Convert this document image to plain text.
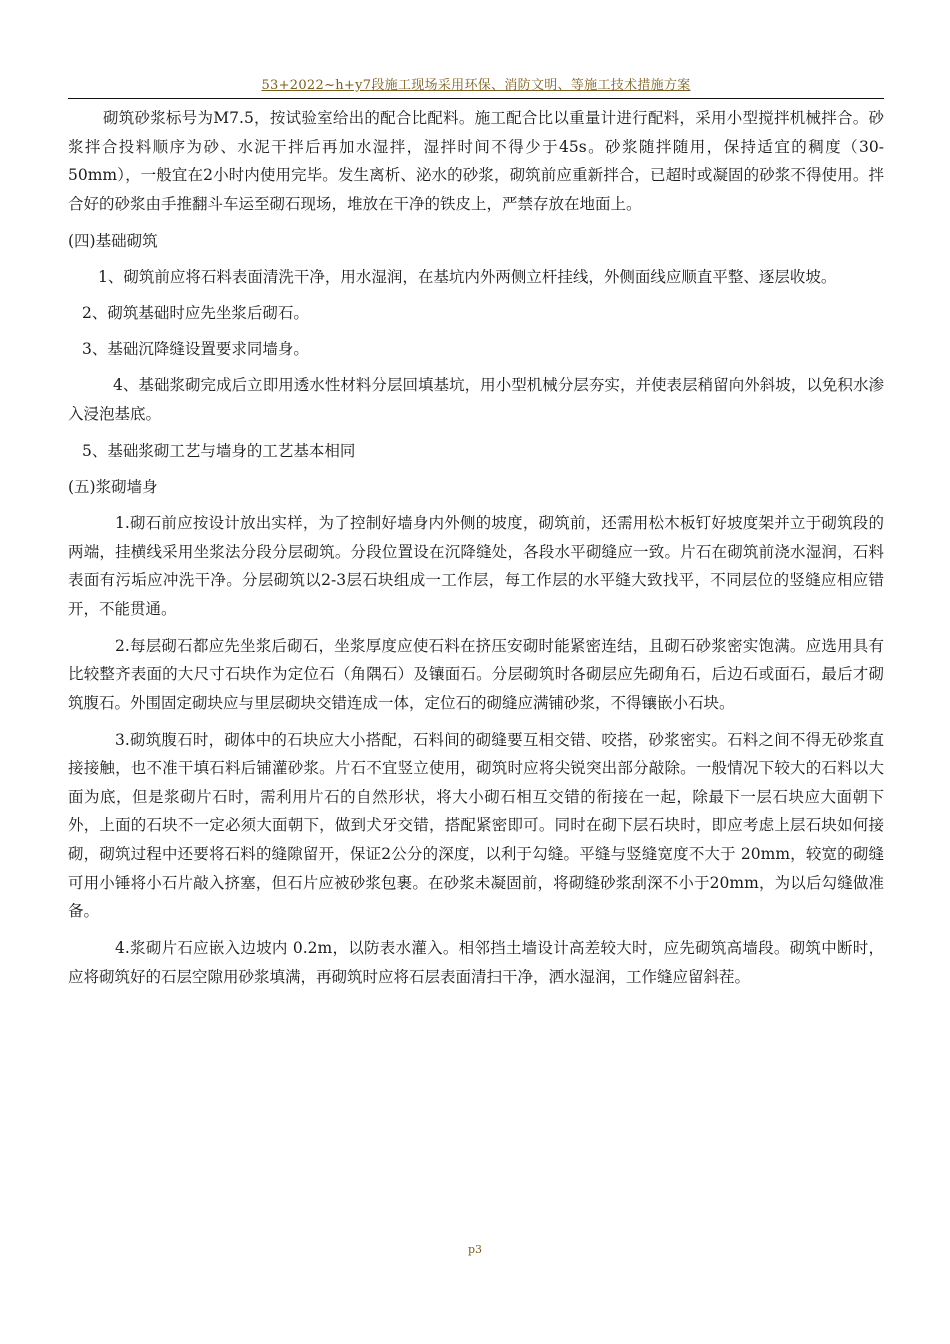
53+2022~h+y7段施工现场采用环保、消防文明、等施工技术措施方案

砌筑砂浆标号为M7.5，按试验室给出的配合比配料。施工配合比以重量计进行配料，采用小型搅拌机械拌合。砂浆拌合投料顺序为砂、水泥干拌后再加水湿拌，湿拌时间不得少于45s。砂浆随拌随用，保持适宜的稠度（30-50mm），一般宜在2小时内使用完毕。发生离析、泌水的砂浆，砌筑前应重新拌合，已超时或凝固的砂浆不得使用。拌合好的砂浆由手推翻斗车运至砌石现场，堆放在干净的铁皮上，严禁存放在地面上。

(四)基础砌筑

1、砌筑前应将石料表面清洗干净，用水湿润，在基坑内外两侧立杆挂线，外侧面线应顺直平整、逐层收坡。

2、砌筑基础时应先坐浆后砌石。

3、基础沉降缝设置要求同墙身。

4、基础浆砌完成后立即用透水性材料分层回填基坑，用小型机械分层夯实，并使表层稍留向外斜坡，以免积水渗入浸泡基底。

5、基础浆砌工艺与墙身的工艺基本相同

(五)浆砌墙身

1.砌石前应按设计放出实样，为了控制好墙身内外侧的坡度，砌筑前，还需用松木板钉好坡度架并立于砌筑段的两端，挂横线采用坐浆法分段分层砌筑。分段位置设在沉降缝处，各段水平砌缝应一致。片石在砌筑前浇水湿润，石料表面有污垢应冲洗干净。分层砌筑以2-3层石块组成一工作层，每工作层的水平缝大致找平，不同层位的竖缝应相应错开，不能贯通。

2.每层砌石都应先坐浆后砌石，坐浆厚度应使石料在挤压安砌时能紧密连结，且砌石砂浆密实饱满。应选用具有比较整齐表面的大尺寸石块作为定位石（角隅石）及镶面石。分层砌筑时各砌层应先砌角石，后边石或面石，最后才砌筑腹石。外围固定砌块应与里层砌块交错连成一体，定位石的砌缝应满铺砂浆，不得镶嵌小石块。

3.砌筑腹石时，砌体中的石块应大小搭配，石料间的砌缝要互相交错、咬搭，砂浆密实。石料之间不得无砂浆直接接触，也不准干填石料后铺灌砂浆。片石不宜竖立使用，砌筑时应将尖锐突出部分敲除。一般情况下较大的石料以大面为底，但是浆砌片石时，需利用片石的自然形状，将大小砌石相互交错的衔接在一起，除最下一层石块应大面朝下外，上面的石块不一定必须大面朝下，做到犬牙交错，搭配紧密即可。同时在砌下层石块时，即应考虑上层石块如何接砌，砌筑过程中还要将石料的缝隙留开，保证2公分的深度，以利于勾缝。平缝与竖缝宽度不大于 20mm，较宽的砌缝可用小锤将小石片敲入挤塞，但石片应被砂浆包裹。在砂浆未凝固前，将砌缝砂浆刮深不小于20mm，为以后勾缝做准备。

4.浆砌片石应嵌入边坡内 0.2m，以防表水灌入。相邻挡土墙设计高差较大时，应先砌筑高墙段。砌筑中断时，应将砌筑好的石层空隙用砂浆填满，再砌筑时应将石层表面清扫干净，洒水湿润，工作缝应留斜茬。

p3
